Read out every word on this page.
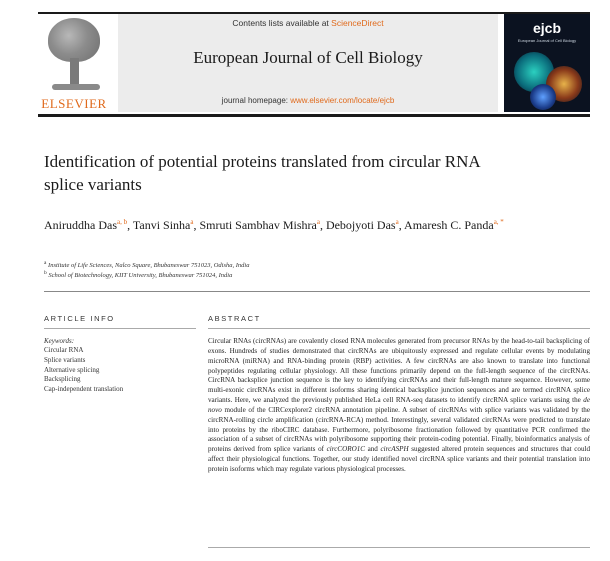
ELSEVIER
Contents lists available at ScienceDirect
European Journal of Cell Biology
journal homepage: www.elsevier.com/locate/ejcb
ejcb
European Journal of Cell Biology
Identification of potential proteins translated from circular RNA
splice variants
Aniruddha Das$^{a, b}$, Tanvi Sinha$^a$, Smruti Sambhav Mishra$^a$, Debojyoti Das$^a$, Amaresh C. Panda$^{a, *}$
$^a$ Institute of Life Sciences, Nalco Square, Bhubaneswar 751023, Odisha, India
$^b$ School of Biotechnology, KIIT University, Bhubaneswar 751024, India
ARTICLE INFO
Keywords:
Circular RNA
Splice variants
Alternative splicing
Backsplicing
Cap-independent translation
ABSTRACT
Circular RNAs (circRNAs) are covalently closed RNA molecules generated from precursor RNAs by the head-to-tail backsplicing of exons. Hundreds of studies demonstrated that circRNAs are ubiquitously expressed and regulate cellular events by modulating microRNA (miRNA) and RNA-binding protein (RBP) activities. A few circRNAs are also known to translate into functional polypeptides regulating cellular physiology. All these functions primarily depend on the full-length sequence of the circRNAs. CircRNA backsplice junction sequence is the key to identifying circRNAs and their full-length mature sequence. However, some multi-exonic circRNAs exist in different isoforms sharing identical backsplice junction sequences and are termed circRNA splice variants. Here, we analyzed the previously published HeLa cell RNA-seq datasets to identify circRNA splice variants using the de novo module of the CIRCexplorer2 circRNA annotation pipeline. A subset of circRNAs with splice variants was validated by the circRNA-rolling circle amplification (circRNA-RCA) method. Interestingly, several validated circRNAs were predicted to translate into proteins by the riboCIRC database. Furthermore, polyribosome fractionation followed by quantitative PCR confirmed the association of a subset of circRNAs with polyribosome supporting their protein-coding potential. Finally, bioinformatics analysis of proteins derived from splice variants of circCORO1C and circASPH suggested altered protein sequences and structures that could affect their physiological functions. Together, our study identified novel circRNA splice variants and their potential translation into protein isoforms which may regulate various physiological processes.
